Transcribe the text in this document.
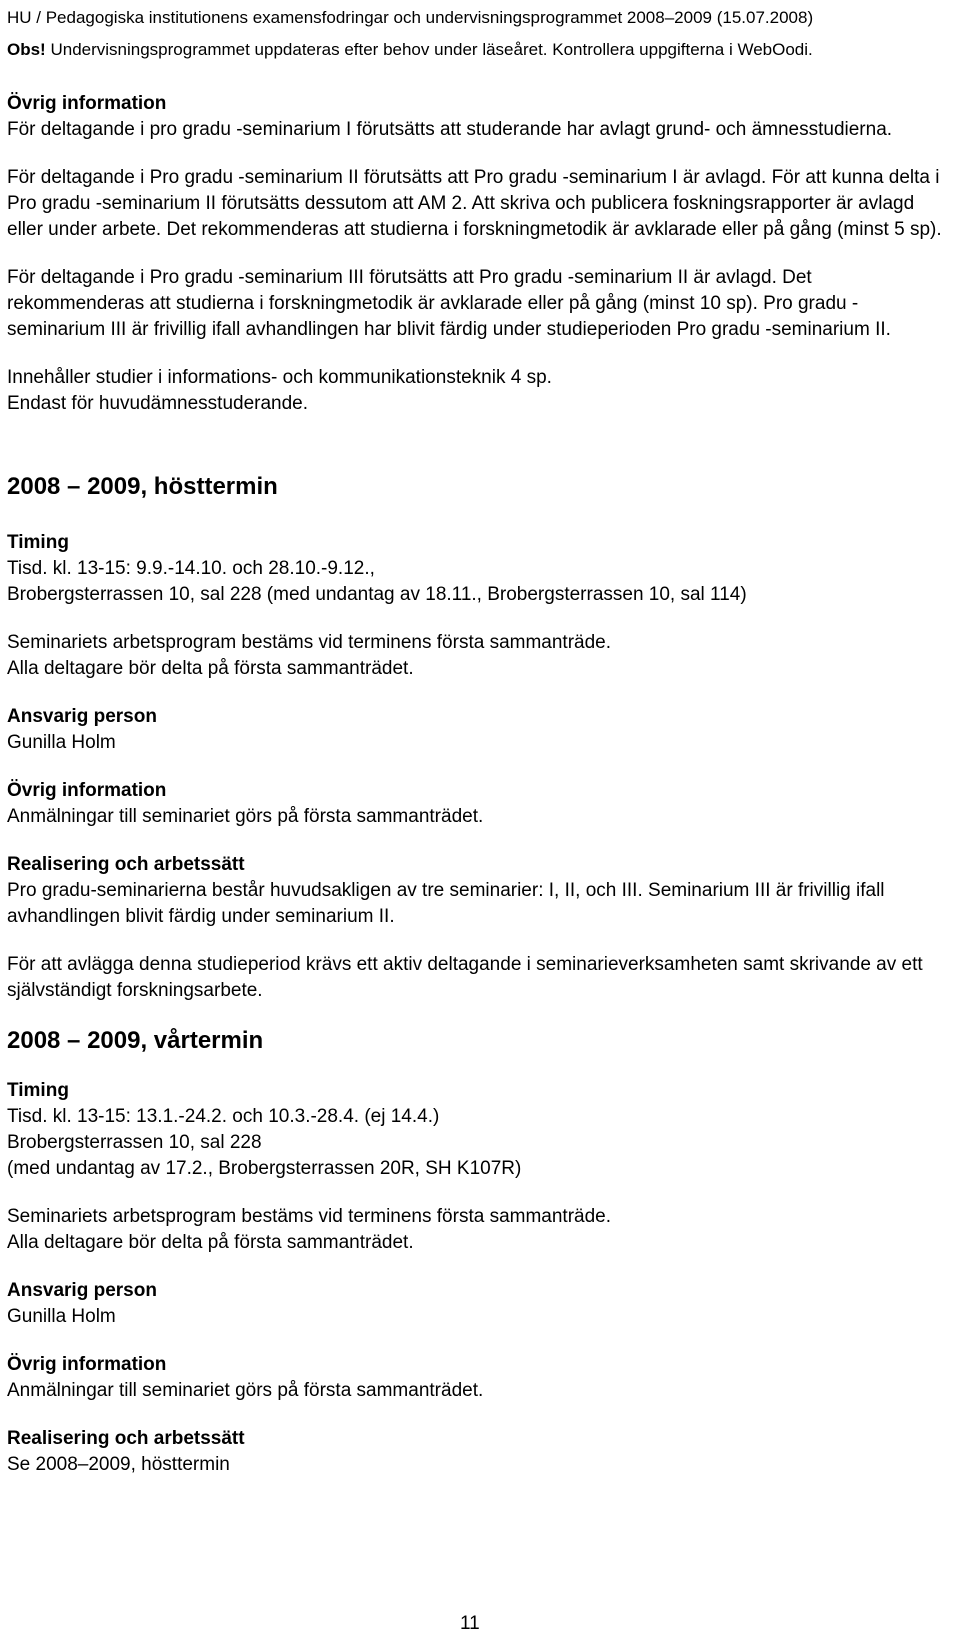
HU / Pedagogiska institutionens examensfodringar och undervisningsprogrammet 2008–2009 (15.07.2008)
Obs! Undervisningsprogrammet uppdateras efter behov under läseåret. Kontrollera uppgifterna i WebOodi.

Övrig information

För deltagande i pro gradu -seminarium I förutsätts att studerande har avlagt grund- och ämnesstudierna.

För deltagande i Pro gradu -seminarium II förutsätts att Pro gradu -seminarium I är avlagd. För att kunna delta i Pro gradu -seminarium II förutsätts dessutom att AM 2. Att skriva och publicera foskningsrapporter är avlagd eller under arbete. Det rekommenderas att studierna i forskningmetodik är avklarade eller på gång (minst 5 sp).

För deltagande i Pro gradu -seminarium III förutsätts att Pro gradu -seminarium II är avlagd. Det rekommenderas att studierna i forskningmetodik är avklarade eller på gång (minst 10 sp). Pro gradu -seminarium III är frivillig ifall avhandlingen har blivit färdig under studieperioden Pro gradu -seminarium II.

Innehåller studier i informations- och kommunikationsteknik 4 sp.

Endast för huvudämnesstuderande.

2008 – 2009, hösttermin

Timing

Tisd. kl. 13-15: 9.9.-14.10. och 28.10.-9.12.,

Brobergsterrassen 10, sal 228 (med undantag av 18.11., Brobergsterrassen 10, sal 114)

Seminariets arbetsprogram bestäms vid terminens första sammanträde.

Alla deltagare bör delta på första sammanträdet.

Ansvarig person

Gunilla Holm

Övrig information

Anmälningar till seminariet görs på första sammanträdet.

Realisering och arbetssätt

Pro gradu-seminarierna består huvudsakligen av tre seminarier: I, II, och III. Seminarium III är frivillig ifall avhandlingen blivit färdig under seminarium II.

För att avlägga denna studieperiod krävs ett aktiv deltagande i seminarieverksamheten samt skrivande av ett självständigt forskningsarbete.

2008 – 2009, vårtermin

Timing

Tisd. kl. 13-15: 13.1.-24.2. och 10.3.-28.4. (ej 14.4.)

Brobergsterrassen 10, sal 228

(med undantag av 17.2., Brobergsterrassen 20R, SH K107R)

Seminariets arbetsprogram bestäms vid terminens första sammanträde.

Alla deltagare bör delta på första sammanträdet.

Ansvarig person

Gunilla Holm

Övrig information

Anmälningar till seminariet görs på första sammanträdet.

Realisering och arbetssätt

Se 2008–2009, hösttermin

11
